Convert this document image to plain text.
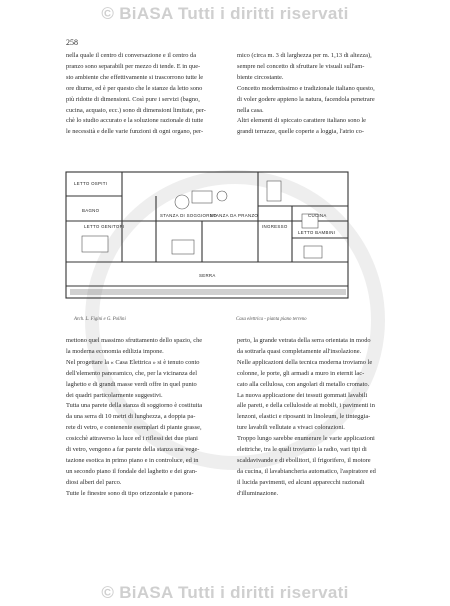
© BiASA Tutti i diritti riservati
© BiASA Tutti i diritti riservati
258

nella quale il centro di conversazione e il centro da

pranzo sono separabili per mezzo di tende. E in que-

sto ambiente che effettivamente si trascorrono tutte le

ore diurne, ed è per questo che le stanze da letto sono

più ridotte di dimensioni. Così pure i servizi (bagno,

cucina, acquaio, ecc.) sono di dimensioni limitate, per-

chè lo studio accurato e la soluzione razionale di tutte

le necessità e delle varie funzioni di ogni organo, per-

mico (circa m. 3 di larghezza per m. 1,13 di altezza),

sempre nel concetto di sfruttare le visuali sull'am-

biente circostante.

Concetto modernissimo e tradizionale italiano questo,

di voler godere appieno la natura, facendola penetrare

nella casa.

Altri elementi di spiccato carattere italiano sono le

grandi terrazze, quelle coperte a loggia, l'atrio co-

LETTO OSPITI
BAGNO
STANZA DI SOGGIORNO
STANZA DA PRANZO	CUCINA
LETTO GENITORI	INGRESSO
LETTO BAMBINI
SERRA
Arch. L. Figini e G. Pollini	Casa elettrica - pianta piano terreno

mettono quel massimo sfruttamento dello spazio, che

la moderna economia edilizia impone.

Nel progettare la « Casa Elettrica » si è tenuto conto

dell'elemento panoramico, che, per la vicinanza del

laghetto e di grandi masse verdi offre in quel punto

dei quadri particolarmente suggestivi.

Tutta una parete della stanza di soggiorno è costituita

da una serra di 10 metri di lunghezza, a doppia pa-

rete di vetro, e contenente esemplari di piante grasse,

cosicchè attraverso la luce ed i riflessi dei due piani

di vetro, vengono a far parete della stanza una vege-

tazione esotica in primo piano e in controluce, ed in

un secondo piano il fondale del laghetto e dei gran-

diosi alberi del parco.

Tutte le finestre sono di tipo orizzontale e panora-

perto, la grande vetrata della serra orientata in modo

da sottrarla quasi completamente all'insolazione.

Nelle applicazioni della tecnica moderna troviamo le

colonne, le porte, gli armadi a muro in eternit lac-

cato alla cellulosa, con angolari di metallo cromato.

La nuova applicazione dei tessuti gommati lavabili

alle pareti, e della celluloside ai mobili, i pavimenti in

lenzoni, elastici e riposanti in linoleum, le tinteggia-

ture lavabili vellutate a vivaci colorazioni.

Troppo lungo sarebbe enumerare le varie applicazioni

elettriche, tra le quali troviamo la radio, vari tipi di

scaldavivande e di ebollitori, il frigorifero, il motore

da cucina, il lavabiancheria automatico, l'aspiratore ed

il lucida pavimenti, ed alcuni apparecchi razionali

d'illuminazione.
